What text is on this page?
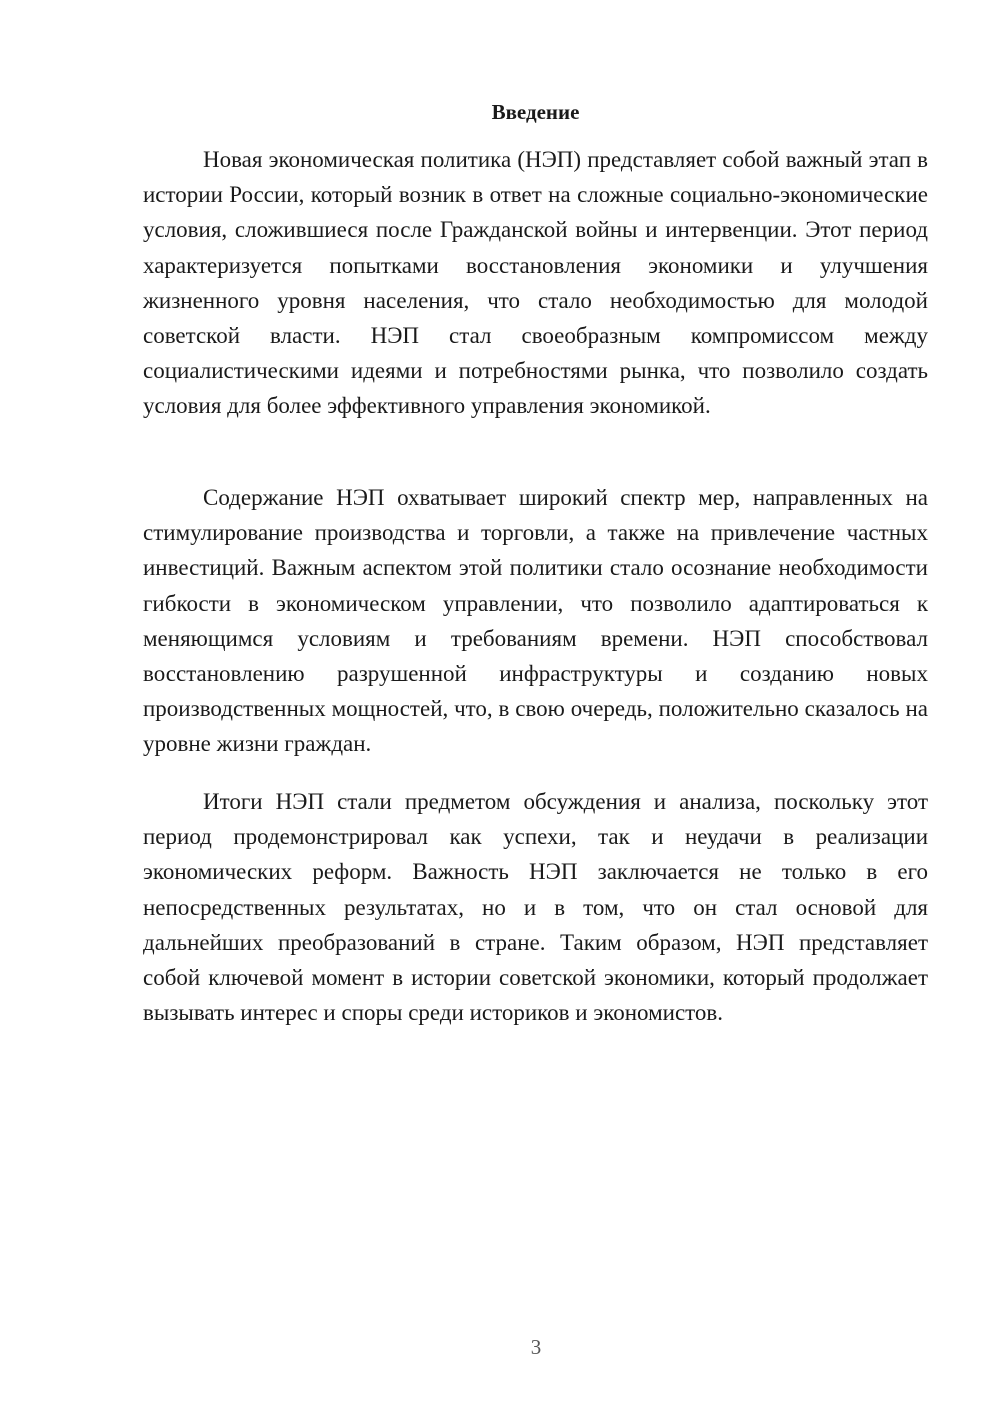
Введение

Новая экономическая политика (НЭП) представляет собой важный этап в истории России, который возник в ответ на сложные социально-экономические условия, сложившиеся после Гражданской войны и интервенции. Этот период характеризуется попытками восстановления экономики и улучшения жизненного уровня населения, что стало необходимостью для молодой советской власти. НЭП стал своеобразным компромиссом между социалистическими идеями и потребностями рынка, что позволило создать условия для более эффективного управления экономикой.

Содержание НЭП охватывает широкий спектр мер, направленных на стимулирование производства и торговли, а также на привлечение частных инвестиций. Важным аспектом этой политики стало осознание необходимости гибкости в экономическом управлении, что позволило адаптироваться к меняющимся условиям и требованиям времени. НЭП способствовал восстановлению разрушенной инфраструктуры и созданию новых производственных мощностей, что, в свою очередь, положительно сказалось на уровне жизни граждан.

Итоги НЭП стали предметом обсуждения и анализа, поскольку этот период продемонстрировал как успехи, так и неудачи в реализации экономических реформ. Важность НЭП заключается не только в его непосредственных результатах, но и в том, что он стал основой для дальнейших преобразований в стране. Таким образом, НЭП представляет собой ключевой момент в истории советской экономики, который продолжает вызывать интерес и споры среди историков и экономистов.

3
